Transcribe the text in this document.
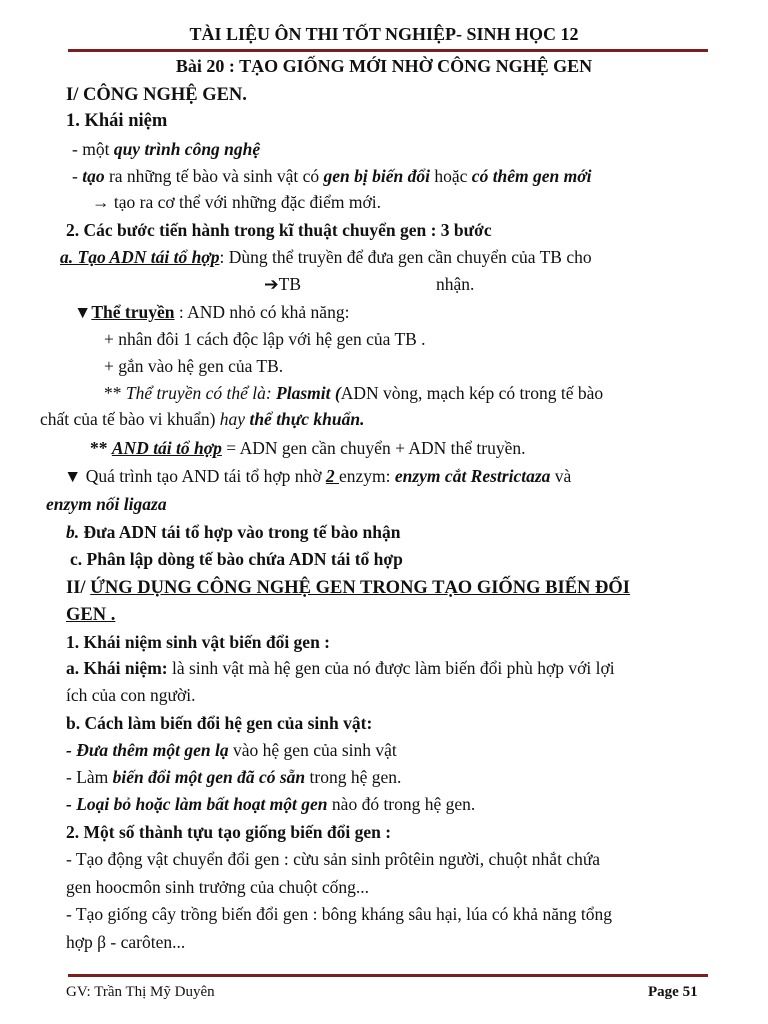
TÀI LIỆU ÔN THI TỐT NGHIỆP- SINH HỌC 12
Bài 20 : TẠO GIỐNG MỚI NHỜ CÔNG NGHỆ GEN
I/ CÔNG NGHỆ GEN.
1. Khái niệm
- một quy trình công nghệ
- tạo ra những tế bào và sinh vật có gen bị biến đổi hoặc có thêm gen mới
→ tạo ra cơ thể với những đặc điểm mới.
2. Các bước tiến hành trong kĩ thuật chuyển gen : 3 bước
a. Tạo ADN tái tổ hợp: Dùng thể truyền để đưa gen cần chuyển của TB cho
➔TB	nhận.
▼Thể truyền : AND nhỏ có khả năng:
+ nhân đôi 1 cách độc lập với hệ gen của TB .
+ gắn vào hệ gen của TB.
** Thể truyền có thể là: Plasmit (ADN vòng, mạch kép có trong tế bào
chất của tế bào vi khuẩn) hay thể thực khuẩn.
** AND tái tổ hợp = ADN gen cần chuyển + ADN thể truyền.
▼ Quá trình tạo AND tái tổ hợp nhờ 2 enzym: enzym cắt Restrictaza và
enzym nối ligaza
b. Đưa ADN tái tổ hợp vào trong tế bào nhận
c. Phân lập dòng tế bào chứa ADN tái tổ hợp
II/ ỨNG DỤNG CÔNG NGHỆ GEN TRONG TẠO GIỐNG BIẾN ĐỔI
GEN .
1. Khái niệm sinh vật biến đổi gen :
a. Khái niệm: là sinh vật mà hệ gen của nó được làm biến đổi phù hợp với lợi
ích của con người.
b. Cách làm biến đổi hệ gen của sinh vật:
- Đưa thêm một gen lạ vào hệ gen của sinh vật
- Làm biến đổi một gen đã có sẵn trong hệ gen.
- Loại bỏ hoặc làm bất hoạt một gen nào đó trong hệ gen.
2. Một số thành tựu tạo giống biến đổi gen :
- Tạo động vật chuyển đổi gen : cừu sản sinh prôtêin người, chuột nhắt chứa
gen hoocmôn sinh trưởng của chuột cống...
- Tạo giống cây trồng biến đổi gen : bông kháng sâu hại, lúa có khả năng tổng
hợp β - carôten...
GV: Trần Thị Mỹ Duyên	Page 51
